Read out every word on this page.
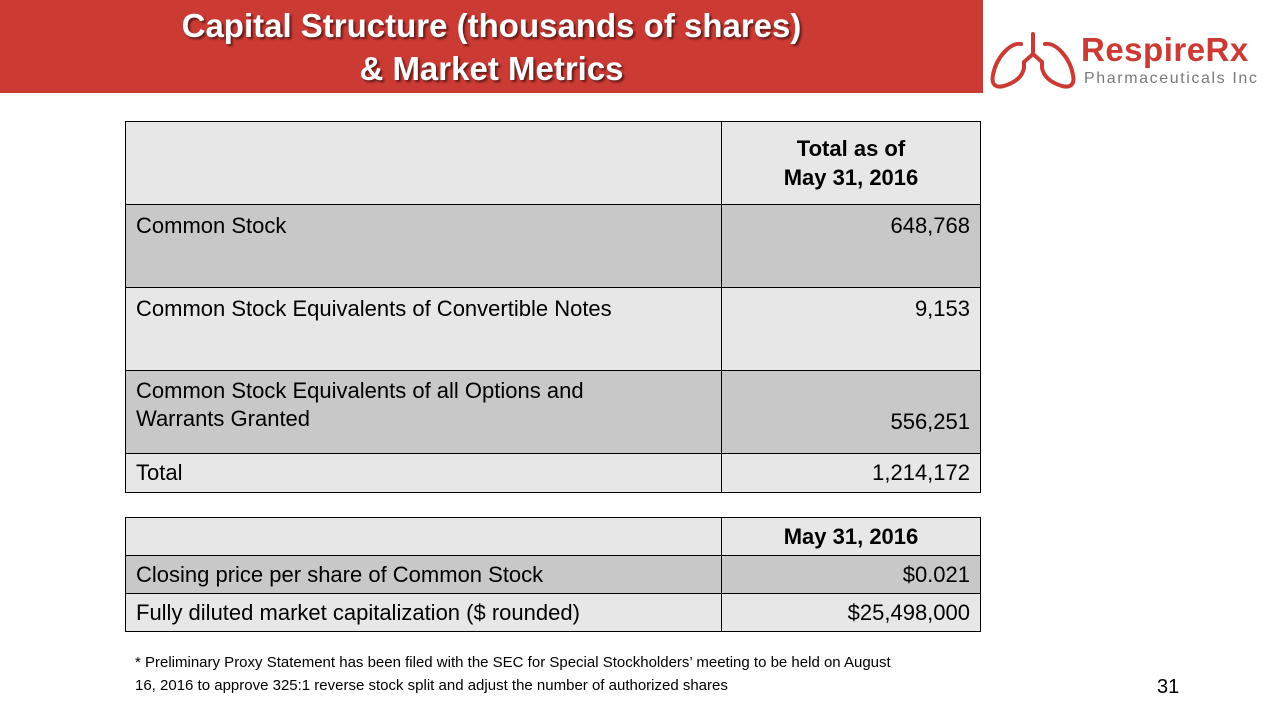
Capital Structure (thousands of shares)
& Market Metrics
RespireRx
Pharmaceuticals Inc

	Total as of
May 31, 2016

Common Stock	648,768
Common Stock Equivalents of Convertible Notes	9,153

Common Stock Equivalents of all Options and
Warrants Granted	556,251
Total	1,214,172
	May 31, 2016
Closing price per share of Common Stock	$0.021
Fully diluted market capitalization ($ rounded)	$25,498,000
* Preliminary Proxy Statement has been filed with the SEC for Special Stockholders’ meeting to be held on August
16, 2016 to approve 325:1 reverse stock split and adjust the number of authorized shares	31
